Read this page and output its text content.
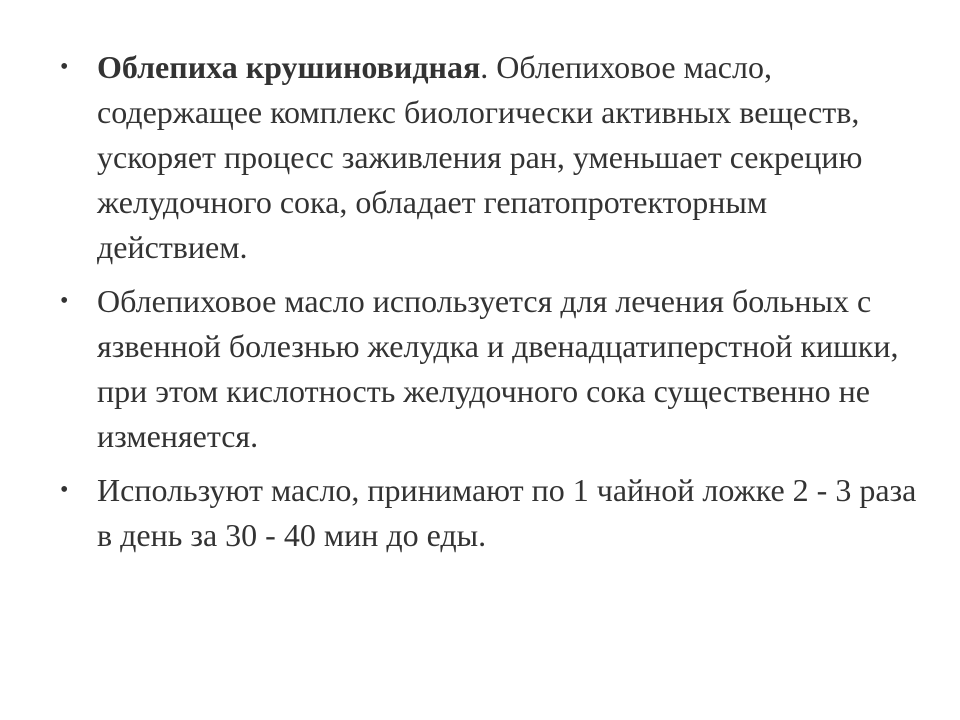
• Облепиха крушиновидная. Облепиховое масло, содержащее комплекс биологически активных веществ, ускоряет процесс заживления ран, уменьшает секрецию желудочного сока, обладает гепатопротекторным действием.
• Облепиховое масло используется для лечения больных с язвенной болезнью желудка и двенадцатиперстной кишки, при этом кислотность желудочного сока существенно не изменяется.
• Используют масло, принимают по 1 чайной ложке 2 - 3 раза в день за 30 - 40 мин до еды.
